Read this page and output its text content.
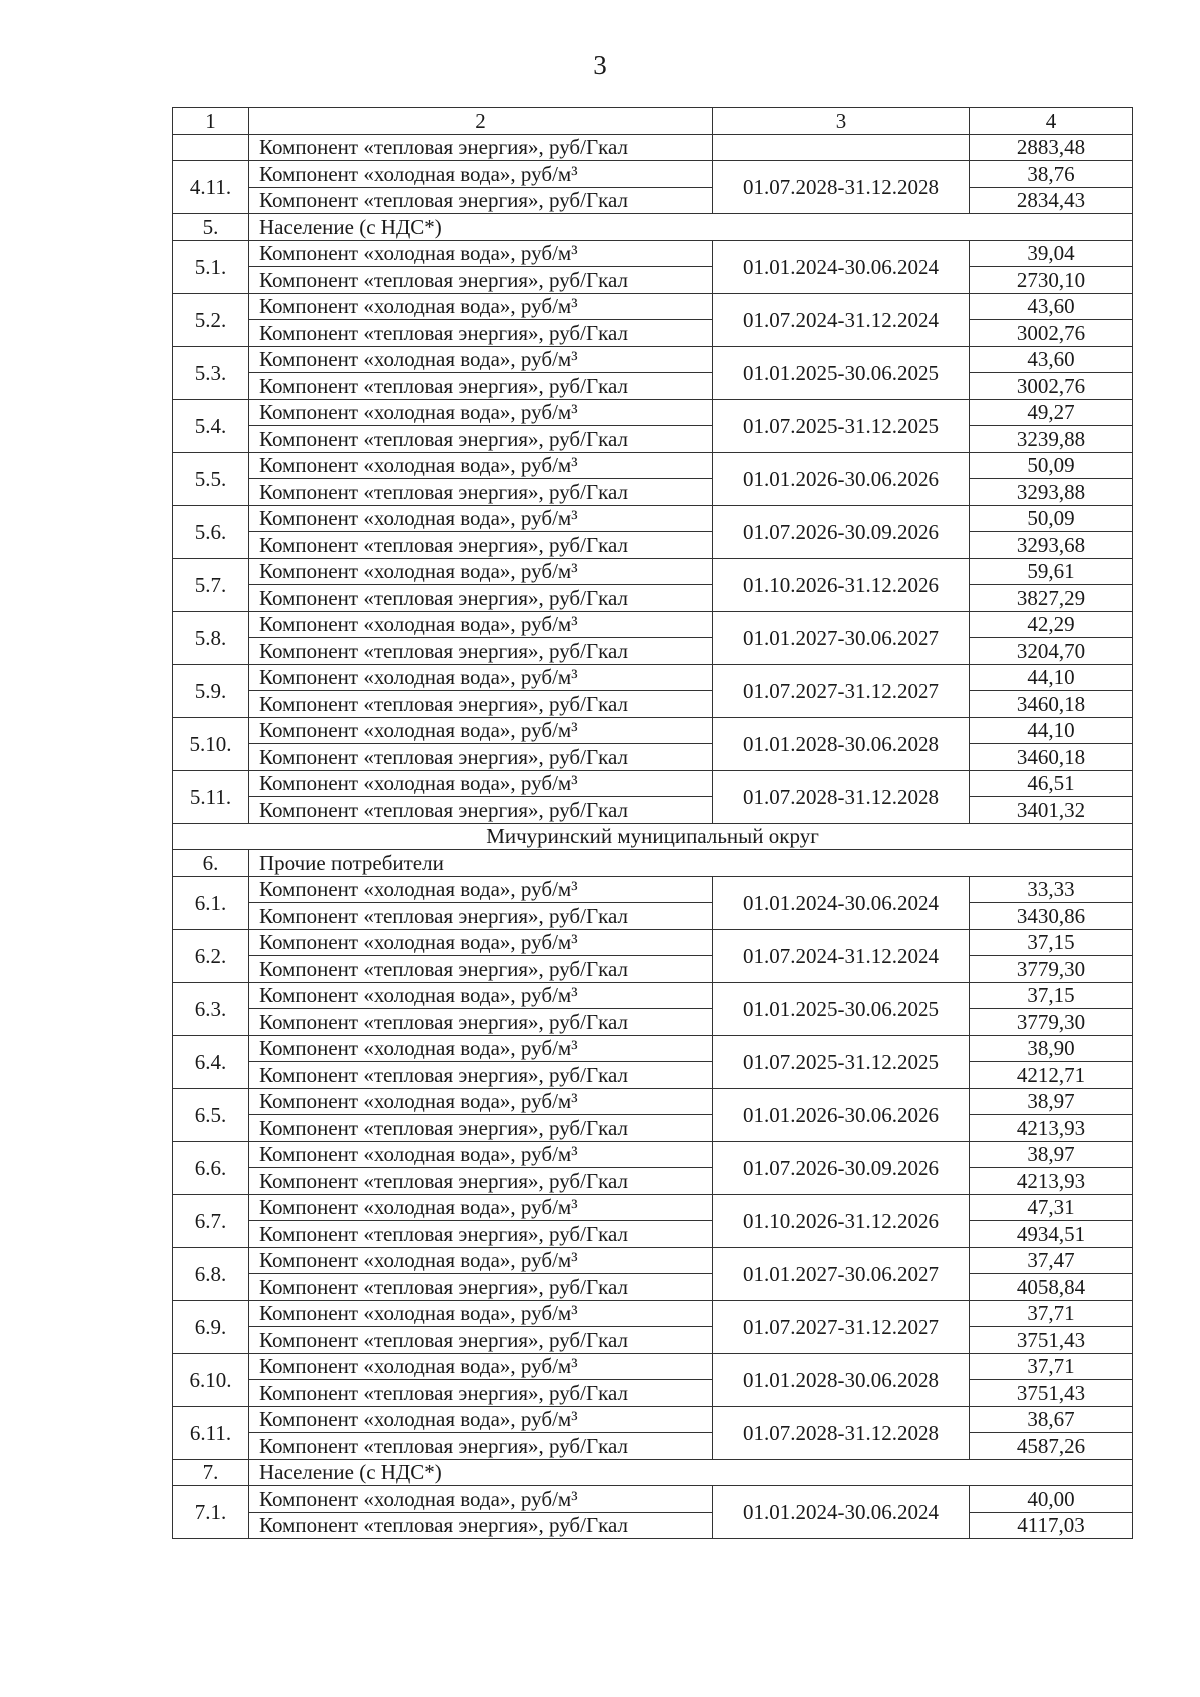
3
1	2	3	4
	Компонент «тепловая энергия», руб/Гкал		2883,48
4.11.	Компонент «холодная вода», руб/м³	01.07.2028-31.12.2028	38,76
	Компонент «тепловая энергия», руб/Гкал		2834,43
5.	Население (с НДС*)		
5.1.	Компонент «холодная вода», руб/м³	01.01.2024-30.06.2024	39,04
	Компонент «тепловая энергия», руб/Гкал		2730,10
5.2.	Компонент «холодная вода», руб/м³	01.07.2024-31.12.2024	43,60
	Компонент «тепловая энергия», руб/Гкал		3002,76
5.3.	Компонент «холодная вода», руб/м³	01.01.2025-30.06.2025	43,60
	Компонент «тепловая энергия», руб/Гкал		3002,76
5.4.	Компонент «холодная вода», руб/м³	01.07.2025-31.12.2025	49,27
	Компонент «тепловая энергия», руб/Гкал		3239,88
5.5.	Компонент «холодная вода», руб/м³	01.01.2026-30.06.2026	50,09
	Компонент «тепловая энергия», руб/Гкал		3293,88
5.6.	Компонент «холодная вода», руб/м³	01.07.2026-30.09.2026	50,09
	Компонент «тепловая энергия», руб/Гкал		3293,68
5.7.	Компонент «холодная вода», руб/м³	01.10.2026-31.12.2026	59,61
	Компонент «тепловая энергия», руб/Гкал		3827,29
5.8.	Компонент «холодная вода», руб/м³	01.01.2027-30.06.2027	42,29
	Компонент «тепловая энергия», руб/Гкал		3204,70
5.9.	Компонент «холодная вода», руб/м³	01.07.2027-31.12.2027	44,10
	Компонент «тепловая энергия», руб/Гкал		3460,18
5.10.	Компонент «холодная вода», руб/м³	01.01.2028-30.06.2028	44,10
	Компонент «тепловая энергия», руб/Гкал		3460,18
5.11.	Компонент «холодная вода», руб/м³	01.07.2028-31.12.2028	46,51
	Компонент «тепловая энергия», руб/Гкал		3401,32
Мичуринский муниципальный округ			
6.	Прочие потребители		
6.1.	Компонент «холодная вода», руб/м³	01.01.2024-30.06.2024	33,33
	Компонент «тепловая энергия», руб/Гкал		3430,86
6.2.	Компонент «холодная вода», руб/м³	01.07.2024-31.12.2024	37,15
	Компонент «тепловая энергия», руб/Гкал		3779,30
6.3.	Компонент «холодная вода», руб/м³	01.01.2025-30.06.2025	37,15
	Компонент «тепловая энергия», руб/Гкал		3779,30
6.4.	Компонент «холодная вода», руб/м³	01.07.2025-31.12.2025	38,90
	Компонент «тепловая энергия», руб/Гкал		4212,71
6.5.	Компонент «холодная вода», руб/м³	01.01.2026-30.06.2026	38,97
	Компонент «тепловая энергия», руб/Гкал		4213,93
6.6.	Компонент «холодная вода», руб/м³	01.07.2026-30.09.2026	38,97
	Компонент «тепловая энергия», руб/Гкал		4213,93
6.7.	Компонент «холодная вода», руб/м³	01.10.2026-31.12.2026	47,31
	Компонент «тепловая энергия», руб/Гкал		4934,51
6.8.	Компонент «холодная вода», руб/м³	01.01.2027-30.06.2027	37,47
	Компонент «тепловая энергия», руб/Гкал		4058,84
6.9.	Компонент «холодная вода», руб/м³	01.07.2027-31.12.2027	37,71
	Компонент «тепловая энергия», руб/Гкал		3751,43
6.10.	Компонент «холодная вода», руб/м³	01.01.2028-30.06.2028	37,71
	Компонент «тепловая энергия», руб/Гкал		3751,43
6.11.	Компонент «холодная вода», руб/м³	01.07.2028-31.12.2028	38,67
	Компонент «тепловая энергия», руб/Гкал		4587,26
7.	Население (с НДС*)		
7.1.	Компонент «холодная вода», руб/м³	01.01.2024-30.06.2024	40,00
	Компонент «тепловая энергия», руб/Гкал		4117,03
